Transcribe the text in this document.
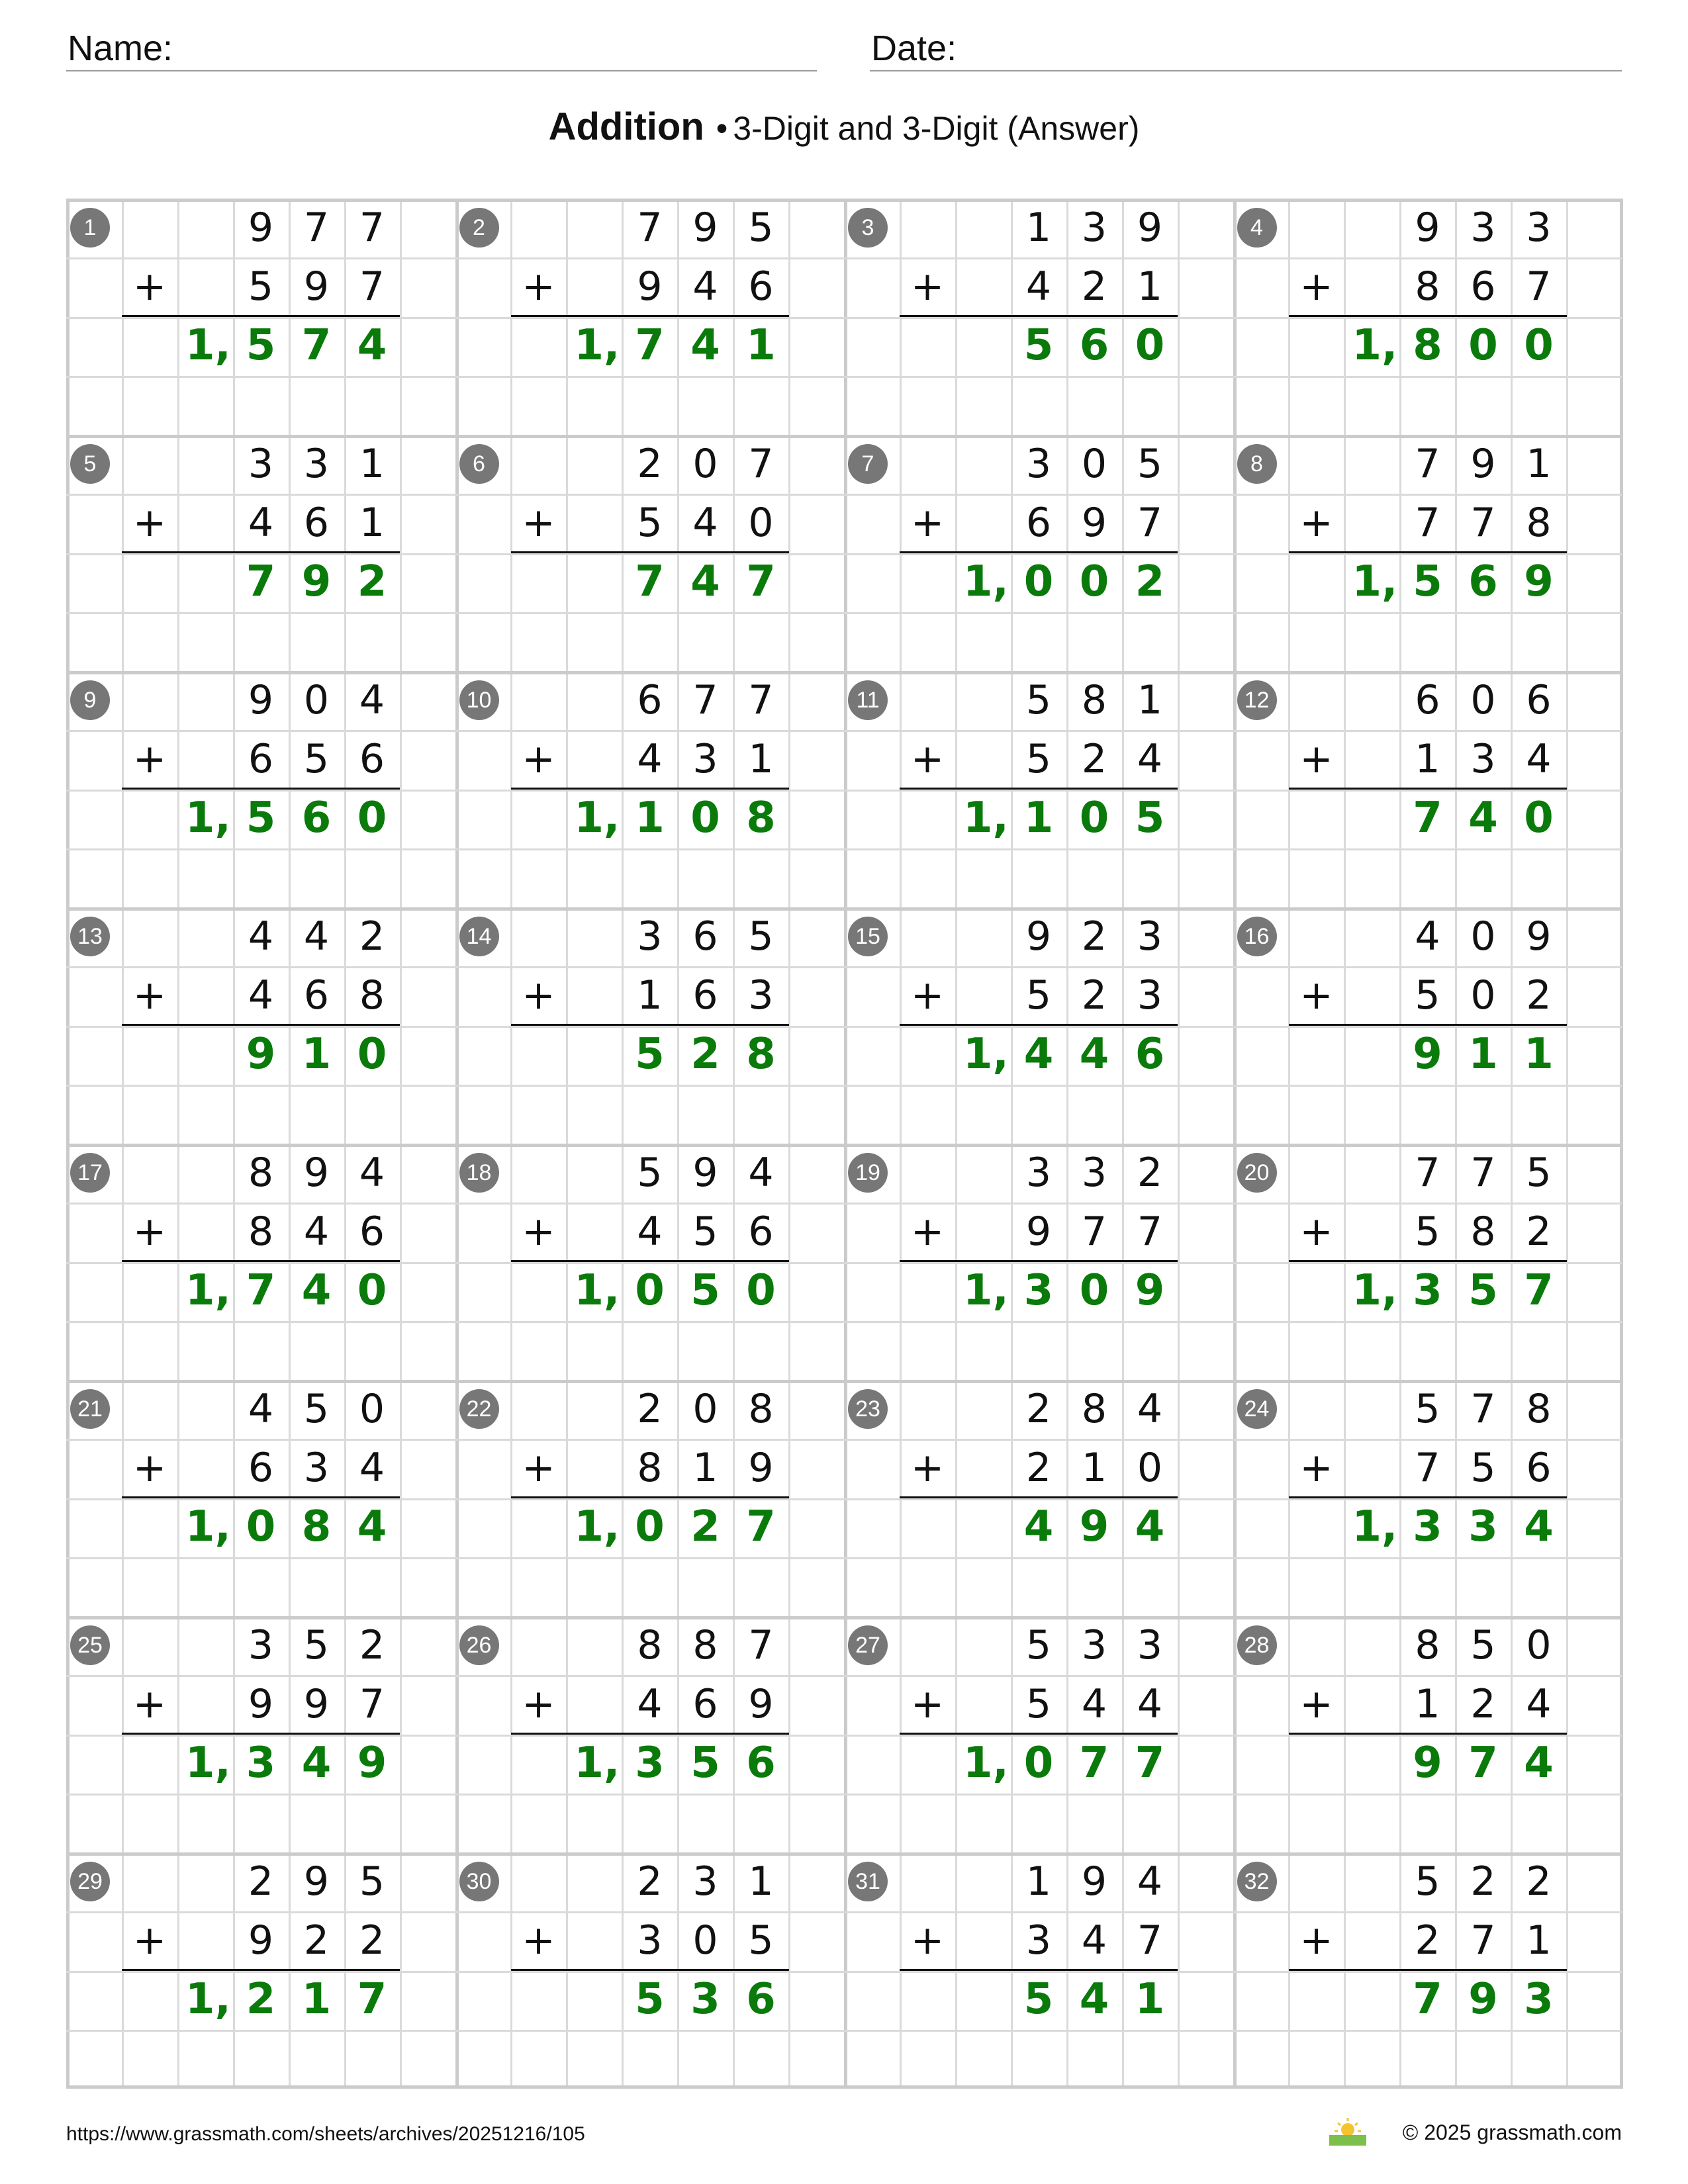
Name:	Date:
Addition • 3-Digit and 3-Digit (Answer)
1	9 7 7
5 9 7
+
1, 5 7 4
2	7 9 5
9 4 6
+
1, 7 4 1
3	1 3 9
4 2 1
+
5 6 0
4	9 3 3
8 6 7
+
1, 8 0 0
5	3 3 1
4 6 1
+
7 9 2
6	2 0 7
5 4 0
+
7 4 7
7	3 0 5
6 9 7
+
1, 0 0 2
8	7 9 1
7 7 8
+
1, 5 6 9
9	9 0 4
6 5 6
+
1, 5 6 0
10	6 7 7
4 3 1
+
1, 1 0 8
11	5 8 1
5 2 4
+
1, 1 0 5
12	6 0 6
1 3 4
+
7 4 0
13	4 4 2
4 6 8
+
9 1 0
14	3 6 5
1 6 3
+
5 2 8
15	9 2 3
5 2 3
+
1, 4 4 6
16	4 0 9
5 0 2
+
9 1 1
17	8 9 4
8 4 6
+
1, 7 4 0
18	5 9 4
4 5 6
+
1, 0 5 0
19	3 3 2
9 7 7
+
1, 3 0 9
20	7 7 5
5 8 2
+
1, 3 5 7
21	4 5 0
6 3 4
+
1, 0 8 4
22	2 0 8
8 1 9
+
1, 0 2 7
23	2 8 4
2 1 0
+
4 9 4
24	5 7 8
7 5 6
+
1, 3 3 4
25	3 5 2
9 9 7
+
1, 3 4 9
26	8 8 7
4 6 9
+
1, 3 5 6
27	5 3 3
5 4 4
+
1, 0 7 7
28	8 5 0
1 2 4
+
9 7 4
29	2 9 5
9 2 2
+
1, 2 1 7
30	2 3 1
3 0 5
+
5 3 6
31	1 9 4
3 4 7
+
5 4 1
32	5 2 2
2 7 1
+
7 9 3
https://www.grassmath.com/sheets/archives/20251216/105	© 2025 grassmath.com
